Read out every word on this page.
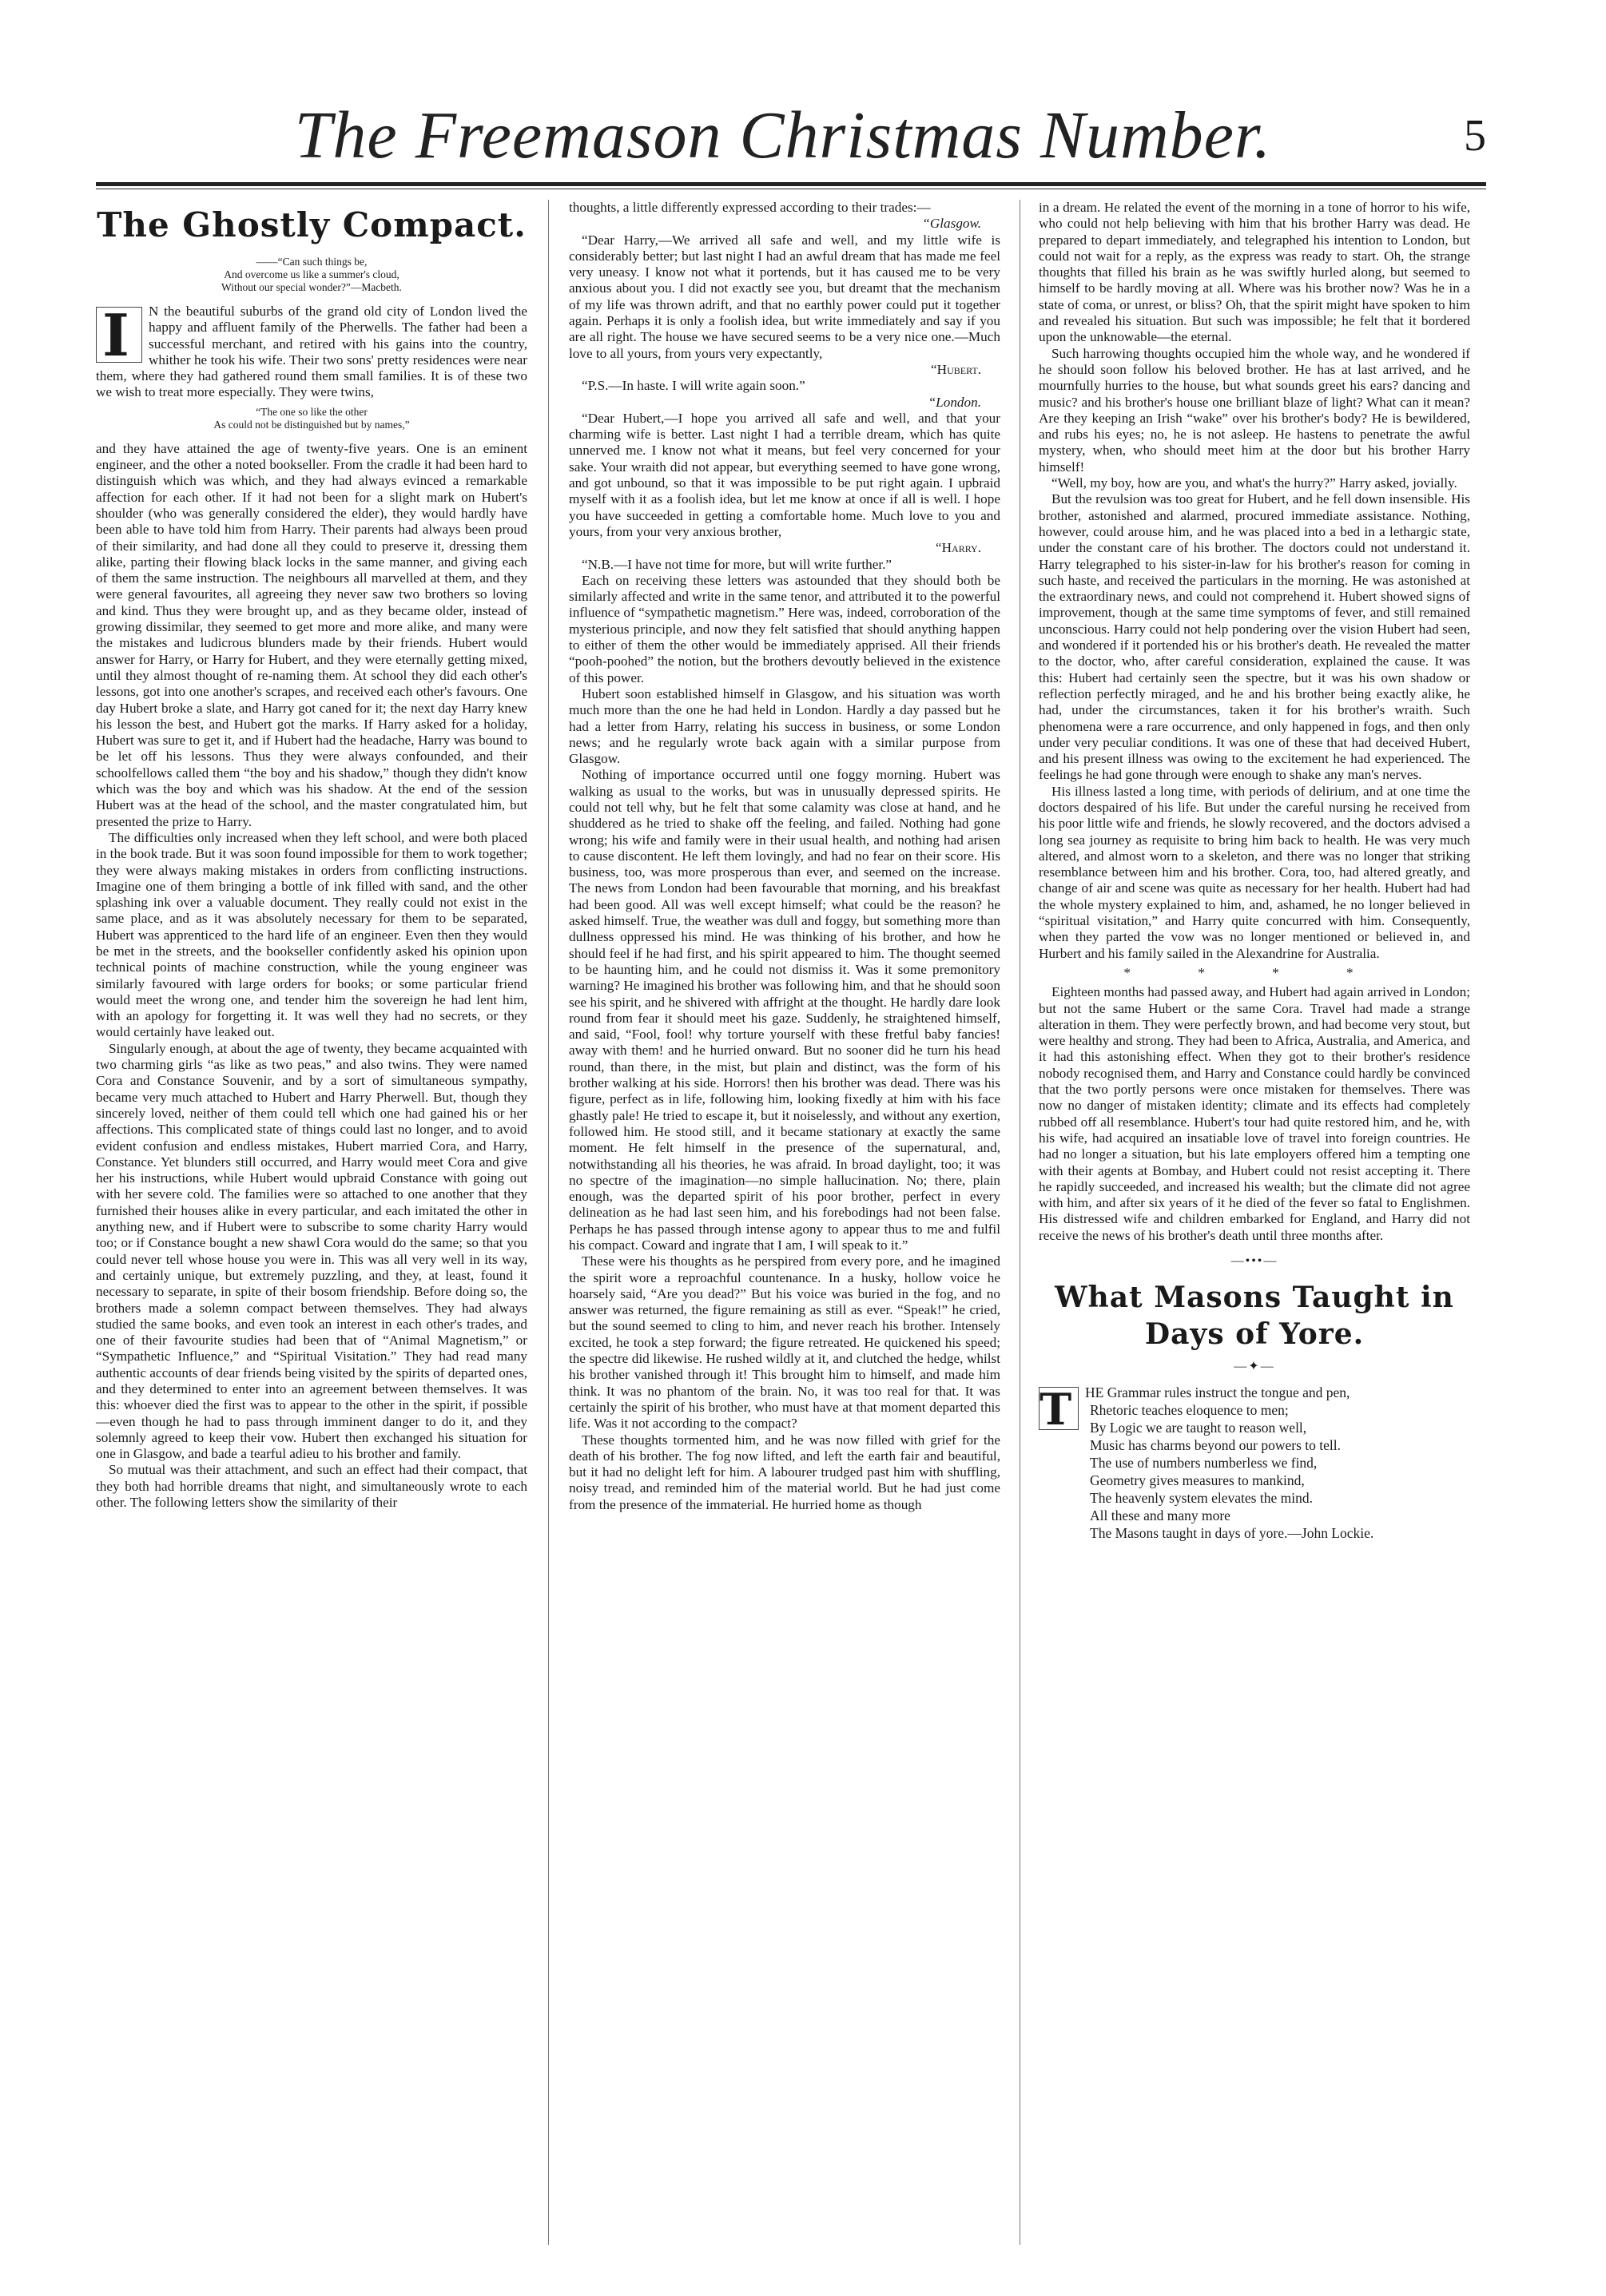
The Freemason Christmas Number.	5
The Ghostly Compact.
——“Can such things be,
And overcome us like a summer's cloud,
Without our special wonder?”—Macbeth.

I	N the beautiful suburbs of the grand old city of London lived the happy and affluent family of the Pherwells. The father had been a successful merchant, and retired with his gains into the country, whither he took his wife. Their two sons' pretty residences were near them, where they had gathered round them small families. It is of these two we wish to treat more especially. They were twins,

“The one so like the other
As could not be distinguished but by names,”

and they have attained the age of twenty-five years. One is an eminent engineer, and the other a noted bookseller. From the cradle it had been hard to distinguish which was which, and they had always evinced a remarkable affection for each other. If it had not been for a slight mark on Hubert's shoulder (who was generally considered the elder), they would hardly have been able to have told him from Harry. Their parents had always been proud of their similarity, and had done all they could to preserve it, dressing them alike, parting their flowing black locks in the same manner, and giving each of them the same instruction. The neighbours all marvelled at them, and they were general favourites, all agreeing they never saw two brothers so loving and kind. Thus they were brought up, and as they became older, instead of growing dissimilar, they seemed to get more and more alike, and many were the mistakes and ludicrous blunders made by their friends. Hubert would answer for Harry, or Harry for Hubert, and they were eternally getting mixed, until they almost thought of re-naming them. At school they did each other's lessons, got into one another's scrapes, and received each other's favours. One day Hubert broke a slate, and Harry got caned for it; the next day Harry knew his lesson the best, and Hubert got the marks. If Harry asked for a holiday, Hubert was sure to get it, and if Hubert had the headache, Harry was bound to be let off his lessons. Thus they were always confounded, and their schoolfellows called them “the boy and his shadow,” though they didn't know which was the boy and which was his shadow. At the end of the session Hubert was at the head of the school, and the master congratulated him, but presented the prize to Harry.

The difficulties only increased when they left school, and were both placed in the book trade. But it was soon found impossible for them to work together; they were always making mistakes in orders from conflicting instructions. Imagine one of them bringing a bottle of ink filled with sand, and the other splashing ink over a valuable document. They really could not exist in the same place, and as it was absolutely necessary for them to be separated, Hubert was apprenticed to the hard life of an engineer. Even then they would be met in the streets, and the bookseller confidently asked his opinion upon technical points of machine construction, while the young engineer was similarly favoured with large orders for books; or some particular friend would meet the wrong one, and tender him the sovereign he had lent him, with an apology for forgetting it. It was well they had no secrets, or they would certainly have leaked out.

Singularly enough, at about the age of twenty, they became acquainted with two charming girls “as like as two peas,” and also twins. They were named Cora and Constance Souvenir, and by a sort of simultaneous sympathy, became very much attached to Hubert and Harry Pherwell. But, though they sincerely loved, neither of them could tell which one had gained his or her affections. This complicated state of things could last no longer, and to avoid evident confusion and endless mistakes, Hubert married Cora, and Harry, Constance. Yet blunders still occurred, and Harry would meet Cora and give her his instructions, while Hubert would upbraid Constance with going out with her severe cold. The families were so attached to one another that they furnished their houses alike in every particular, and each imitated the other in anything new, and if Hubert were to subscribe to some charity Harry would too; or if Constance bought a new shawl Cora would do the same; so that you could never tell whose house you were in. This was all very well in its way, and certainly unique, but extremely puzzling, and they, at least, found it necessary to separate, in spite of their bosom friendship. Before doing so, the brothers made a solemn compact between themselves. They had always studied the same books, and even took an interest in each other's trades, and one of their favourite studies had been that of “Animal Magnetism,” or “Sympathetic Influence,” and “Spiritual Visitation.” They had read many authentic accounts of dear friends being visited by the spirits of departed ones, and they determined to enter into an agreement between themselves. It was this: whoever died the first was to appear to the other in the spirit, if possible—even though he had to pass through imminent danger to do it, and they solemnly agreed to keep their vow. Hubert then exchanged his situation for one in Glasgow, and bade a tearful adieu to his brother and family.

So mutual was their attachment, and such an effect had their compact, that they both had horrible dreams that night, and simultaneously wrote to each other. The following letters show the similarity of their

thoughts, a little differently expressed according to their trades:—

“Glasgow.

“Dear Harry,—We arrived all safe and well, and my little wife is considerably better; but last night I had an awful dream that has made me feel very uneasy. I know not what it portends, but it has caused me to be very anxious about you. I did not exactly see you, but dreamt that the mechanism of my life was thrown adrift, and that no earthly power could put it together again. Perhaps it is only a foolish idea, but write immediately and say if you are all right. The house we have secured seems to be a very nice one.—Much love to all yours, from yours very expectantly,

“Hubert.

“P.S.—In haste. I will write again soon.”

“London.

“Dear Hubert,—I hope you arrived all safe and well, and that your charming wife is better. Last night I had a terrible dream, which has quite unnerved me. I know not what it means, but feel very concerned for your sake. Your wraith did not appear, but everything seemed to have gone wrong, and got unbound, so that it was impossible to be put right again. I upbraid myself with it as a foolish idea, but let me know at once if all is well. I hope you have succeeded in getting a comfortable home. Much love to you and yours, from your very anxious brother,

“Harry.

“N.B.—I have not time for more, but will write further.”

Each on receiving these letters was astounded that they should both be similarly affected and write in the same tenor, and attributed it to the powerful influence of “sympathetic magnetism.” Here was, indeed, corroboration of the mysterious principle, and now they felt satisfied that should anything happen to either of them the other would be immediately apprised. All their friends “pooh-poohed” the notion, but the brothers devoutly believed in the existence of this power.

Hubert soon established himself in Glasgow, and his situation was worth much more than the one he had held in London. Hardly a day passed but he had a letter from Harry, relating his success in business, or some London news; and he regularly wrote back again with a similar purpose from Glasgow.

Nothing of importance occurred until one foggy morning. Hubert was walking as usual to the works, but was in unusually depressed spirits. He could not tell why, but he felt that some calamity was close at hand, and he shuddered as he tried to shake off the feeling, and failed. Nothing had gone wrong; his wife and family were in their usual health, and nothing had arisen to cause discontent. He left them lovingly, and had no fear on their score. His business, too, was more prosperous than ever, and seemed on the increase. The news from London had been favourable that morning, and his breakfast had been good. All was well except himself; what could be the reason? he asked himself. True, the weather was dull and foggy, but something more than dullness oppressed his mind. He was thinking of his brother, and how he should feel if he had first, and his spirit appeared to him. The thought seemed to be haunting him, and he could not dismiss it. Was it some premonitory warning? He imagined his brother was following him, and that he should soon see his spirit, and he shivered with affright at the thought. He hardly dare look round from fear it should meet his gaze. Suddenly, he straightened himself, and said, “Fool, fool! why torture yourself with these fretful baby fancies! away with them! and he hurried onward. But no sooner did he turn his head round, than there, in the mist, but plain and distinct, was the form of his brother walking at his side. Horrors! then his brother was dead. There was his figure, perfect as in life, following him, looking fixedly at him with his face ghastly pale! He tried to escape it, but it noiselessly, and without any exertion, followed him. He stood still, and it became stationary at exactly the same moment. He felt himself in the presence of the supernatural, and, notwithstanding all his theories, he was afraid. In broad daylight, too; it was no spectre of the imagination—no simple hallucination. No; there, plain enough, was the departed spirit of his poor brother, perfect in every delineation as he had last seen him, and his forebodings had not been false. Perhaps he has passed through intense agony to appear thus to me and fulfil his compact. Coward and ingrate that I am, I will speak to it.”

These were his thoughts as he perspired from every pore, and he imagined the spirit wore a reproachful countenance. In a husky, hollow voice he hoarsely said, “Are you dead?” But his voice was buried in the fog, and no answer was returned, the figure remaining as still as ever. “Speak!” he cried, but the sound seemed to cling to him, and never reach his brother. Intensely excited, he took a step forward; the figure retreated. He quickened his speed; the spectre did likewise. He rushed wildly at it, and clutched the hedge, whilst his brother vanished through it! This brought him to himself, and made him think. It was no phantom of the brain. No, it was too real for that. It was certainly the spirit of his brother, who must have at that moment departed this life. Was it not according to the compact?

These thoughts tormented him, and he was now filled with grief for the death of his brother. The fog now lifted, and left the earth fair and beautiful, but it had no delight left for him. A labourer trudged past him with shuffling, noisy tread, and reminded him of the material world. But he had just come from the presence of the immaterial. He hurried home as though

in a dream. He related the event of the morning in a tone of horror to his wife, who could not help believing with him that his brother Harry was dead. He prepared to depart immediately, and telegraphed his intention to London, but could not wait for a reply, as the express was ready to start. Oh, the strange thoughts that filled his brain as he was swiftly hurled along, but seemed to himself to be hardly moving at all. Where was his brother now? Was he in a state of coma, or unrest, or bliss? Oh, that the spirit might have spoken to him and revealed his situation. But such was impossible; he felt that it bordered upon the unknowable—the eternal.

Such harrowing thoughts occupied him the whole way, and he wondered if he should soon follow his beloved brother. He has at last arrived, and he mournfully hurries to the house, but what sounds greet his ears? dancing and music? and his brother's house one brilliant blaze of light? What can it mean? Are they keeping an Irish “wake” over his brother's body? He is bewildered, and rubs his eyes; no, he is not asleep. He hastens to penetrate the awful mystery, when, who should meet him at the door but his brother Harry himself!

“Well, my boy, how are you, and what's the hurry?” Harry asked, jovially.

But the revulsion was too great for Hubert, and he fell down insensible. His brother, astonished and alarmed, procured immediate assistance. Nothing, however, could arouse him, and he was placed into a bed in a lethargic state, under the constant care of his brother. The doctors could not understand it. Harry telegraphed to his sister-in-law for his brother's reason for coming in such haste, and received the particulars in the morning. He was astonished at the extraordinary news, and could not comprehend it. Hubert showed signs of improvement, though at the same time symptoms of fever, and still remained unconscious. Harry could not help pondering over the vision Hubert had seen, and wondered if it portended his or his brother's death. He revealed the matter to the doctor, who, after careful consideration, explained the cause. It was this: Hubert had certainly seen the spectre, but it was his own shadow or reflection perfectly miraged, and he and his brother being exactly alike, he had, under the circumstances, taken it for his brother's wraith. Such phenomena were a rare occurrence, and only happened in fogs, and then only under very peculiar conditions. It was one of these that had deceived Hubert, and his present illness was owing to the excitement he had experienced. The feelings he had gone through were enough to shake any man's nerves.

His illness lasted a long time, with periods of delirium, and at one time the doctors despaired of his life. But under the careful nursing he received from his poor little wife and friends, he slowly recovered, and the doctors advised a long sea journey as requisite to bring him back to health. He was very much altered, and almost worn to a skeleton, and there was no longer that striking resemblance between him and his brother. Cora, too, had altered greatly, and change of air and scene was quite as necessary for her health. Hubert had had the whole mystery explained to him, and, ashamed, he no longer believed in “spiritual visitation,” and Harry quite concurred with him. Consequently, when they parted the vow was no longer mentioned or believed in, and Hurbert and his family sailed in the Alexandrine for Australia.

* * * *

Eighteen months had passed away, and Hubert had again arrived in London; but not the same Hubert or the same Cora. Travel had made a strange alteration in them. They were perfectly brown, and had become very stout, but were healthy and strong. They had been to Africa, Australia, and America, and it had this astonishing effect. When they got to their brother's residence nobody recognised them, and Harry and Constance could hardly be convinced that the two portly persons were once mistaken for themselves. There was now no danger of mistaken identity; climate and its effects had completely rubbed off all resemblance. Hubert's tour had quite restored him, and he, with his wife, had acquired an insatiable love of travel into foreign countries. He had no longer a situation, but his late employers offered him a tempting one with their agents at Bombay, and Hubert could not resist accepting it. There he rapidly succeeded, and increased his wealth; but the climate did not agree with him, and after six years of it he died of the fever so fatal to Englishmen. His distressed wife and children embarked for England, and Harry did not receive the news of his brother's death until three months after.

—•••—
What Masons Taught in Days of Yore.
—✦—
T HE Grammar rules instruct the tongue and pen,
Rhetoric teaches eloquence to men;
By Logic we are taught to reason well,
Music has charms beyond our powers to tell.
The use of numbers numberless we find,
Geometry gives measures to mankind,
The heavenly system elevates the mind.
All these and many more
The Masons taught in days of yore.—John Lockie.
